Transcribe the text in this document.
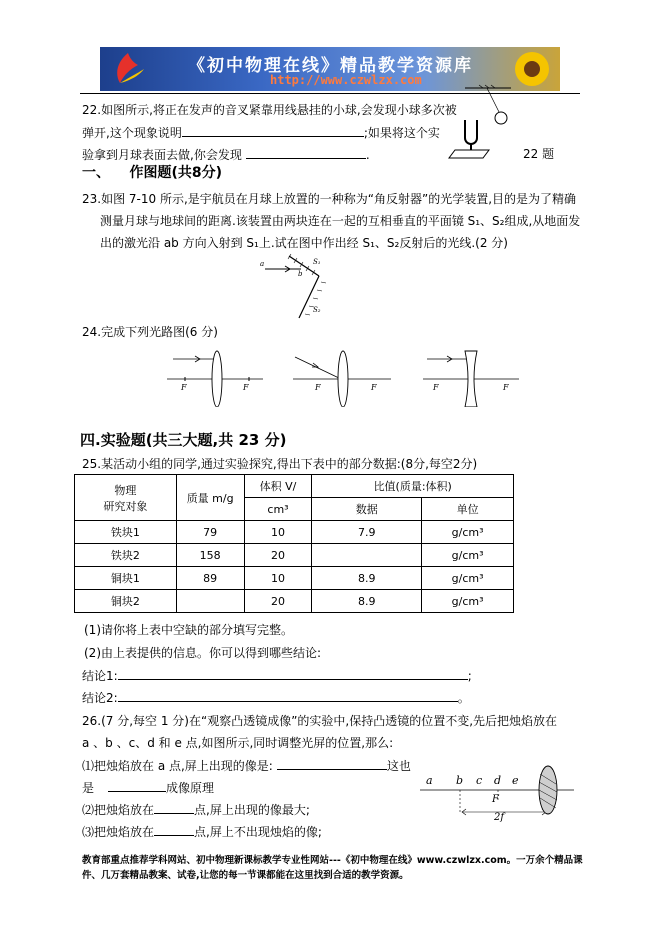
《初中物理在线》精品教学资源库
http://www.czwlzx.com
22.如图所示,将正在发声的音叉紧靠用线悬挂的小球,会发现小球多次被
弹开,这个现象说明	;如果将这个实
验拿到月球表面去做,你会发现	.	22 题
一、 作图题(共8分)
23.如图 7-10 所示,是宇航员在月球上放置的一种称为“角反射器”的光学装置,目的是为了精确
测量月球与地球间的距离.该装置由两块连在一起的互相垂直的平面镜 S₁、S₂组成,从地面发
出的激光沿 ab 方向入射到 S₁上.试在图中作出经 S₁、S₂反射后的光线.(2 分)
a
b
S₁
S₂
24.完成下列光路图(6 分)
F	F	F	F	F	F
四.实验题(共三大题,共 23 分)
25.某活动小组的同学,通过实验探究,得出下表中的部分数据:(8分,每空2分)
物理
研究对象	质量 m/g	体积 V/	比值(质量:体积)	
		cm³	数据	单位
铁块1	79	10	7.9	g/cm³
铁块2	158	20		g/cm³
铜块1	89	10	8.9	g/cm³
铜块2		20	8.9	g/cm³
(1)请你将上表中空缺的部分填写完整。
(2)由上表提供的信息。你可以得到哪些结论:
结论1:	;
结论2:	。
26.(7 分,每空 1 分)在“观察凸透镜成像”的实验中,保持凸透镜的位置不变,先后把烛焰放在
a 、b 、c、d 和 e 点,如图所示,同时调整光屏的位置,那么:
⑴把烛焰放在 a 点,屏上出现的像是:	这也
是	成像原理
⑵把烛焰放在	点,屏上出现的像最大;
⑶把烛焰放在	点,屏上不出现烛焰的像;
a b c d e
F
2f
教育部重点推荐学科网站、初中物理新课标教学专业性网站---《初中物理在线》www.czwlzx.com。一万余个精品课
件、几万套精品教案、试卷,让您的每一节课都能在这里找到合适的教学资源。
